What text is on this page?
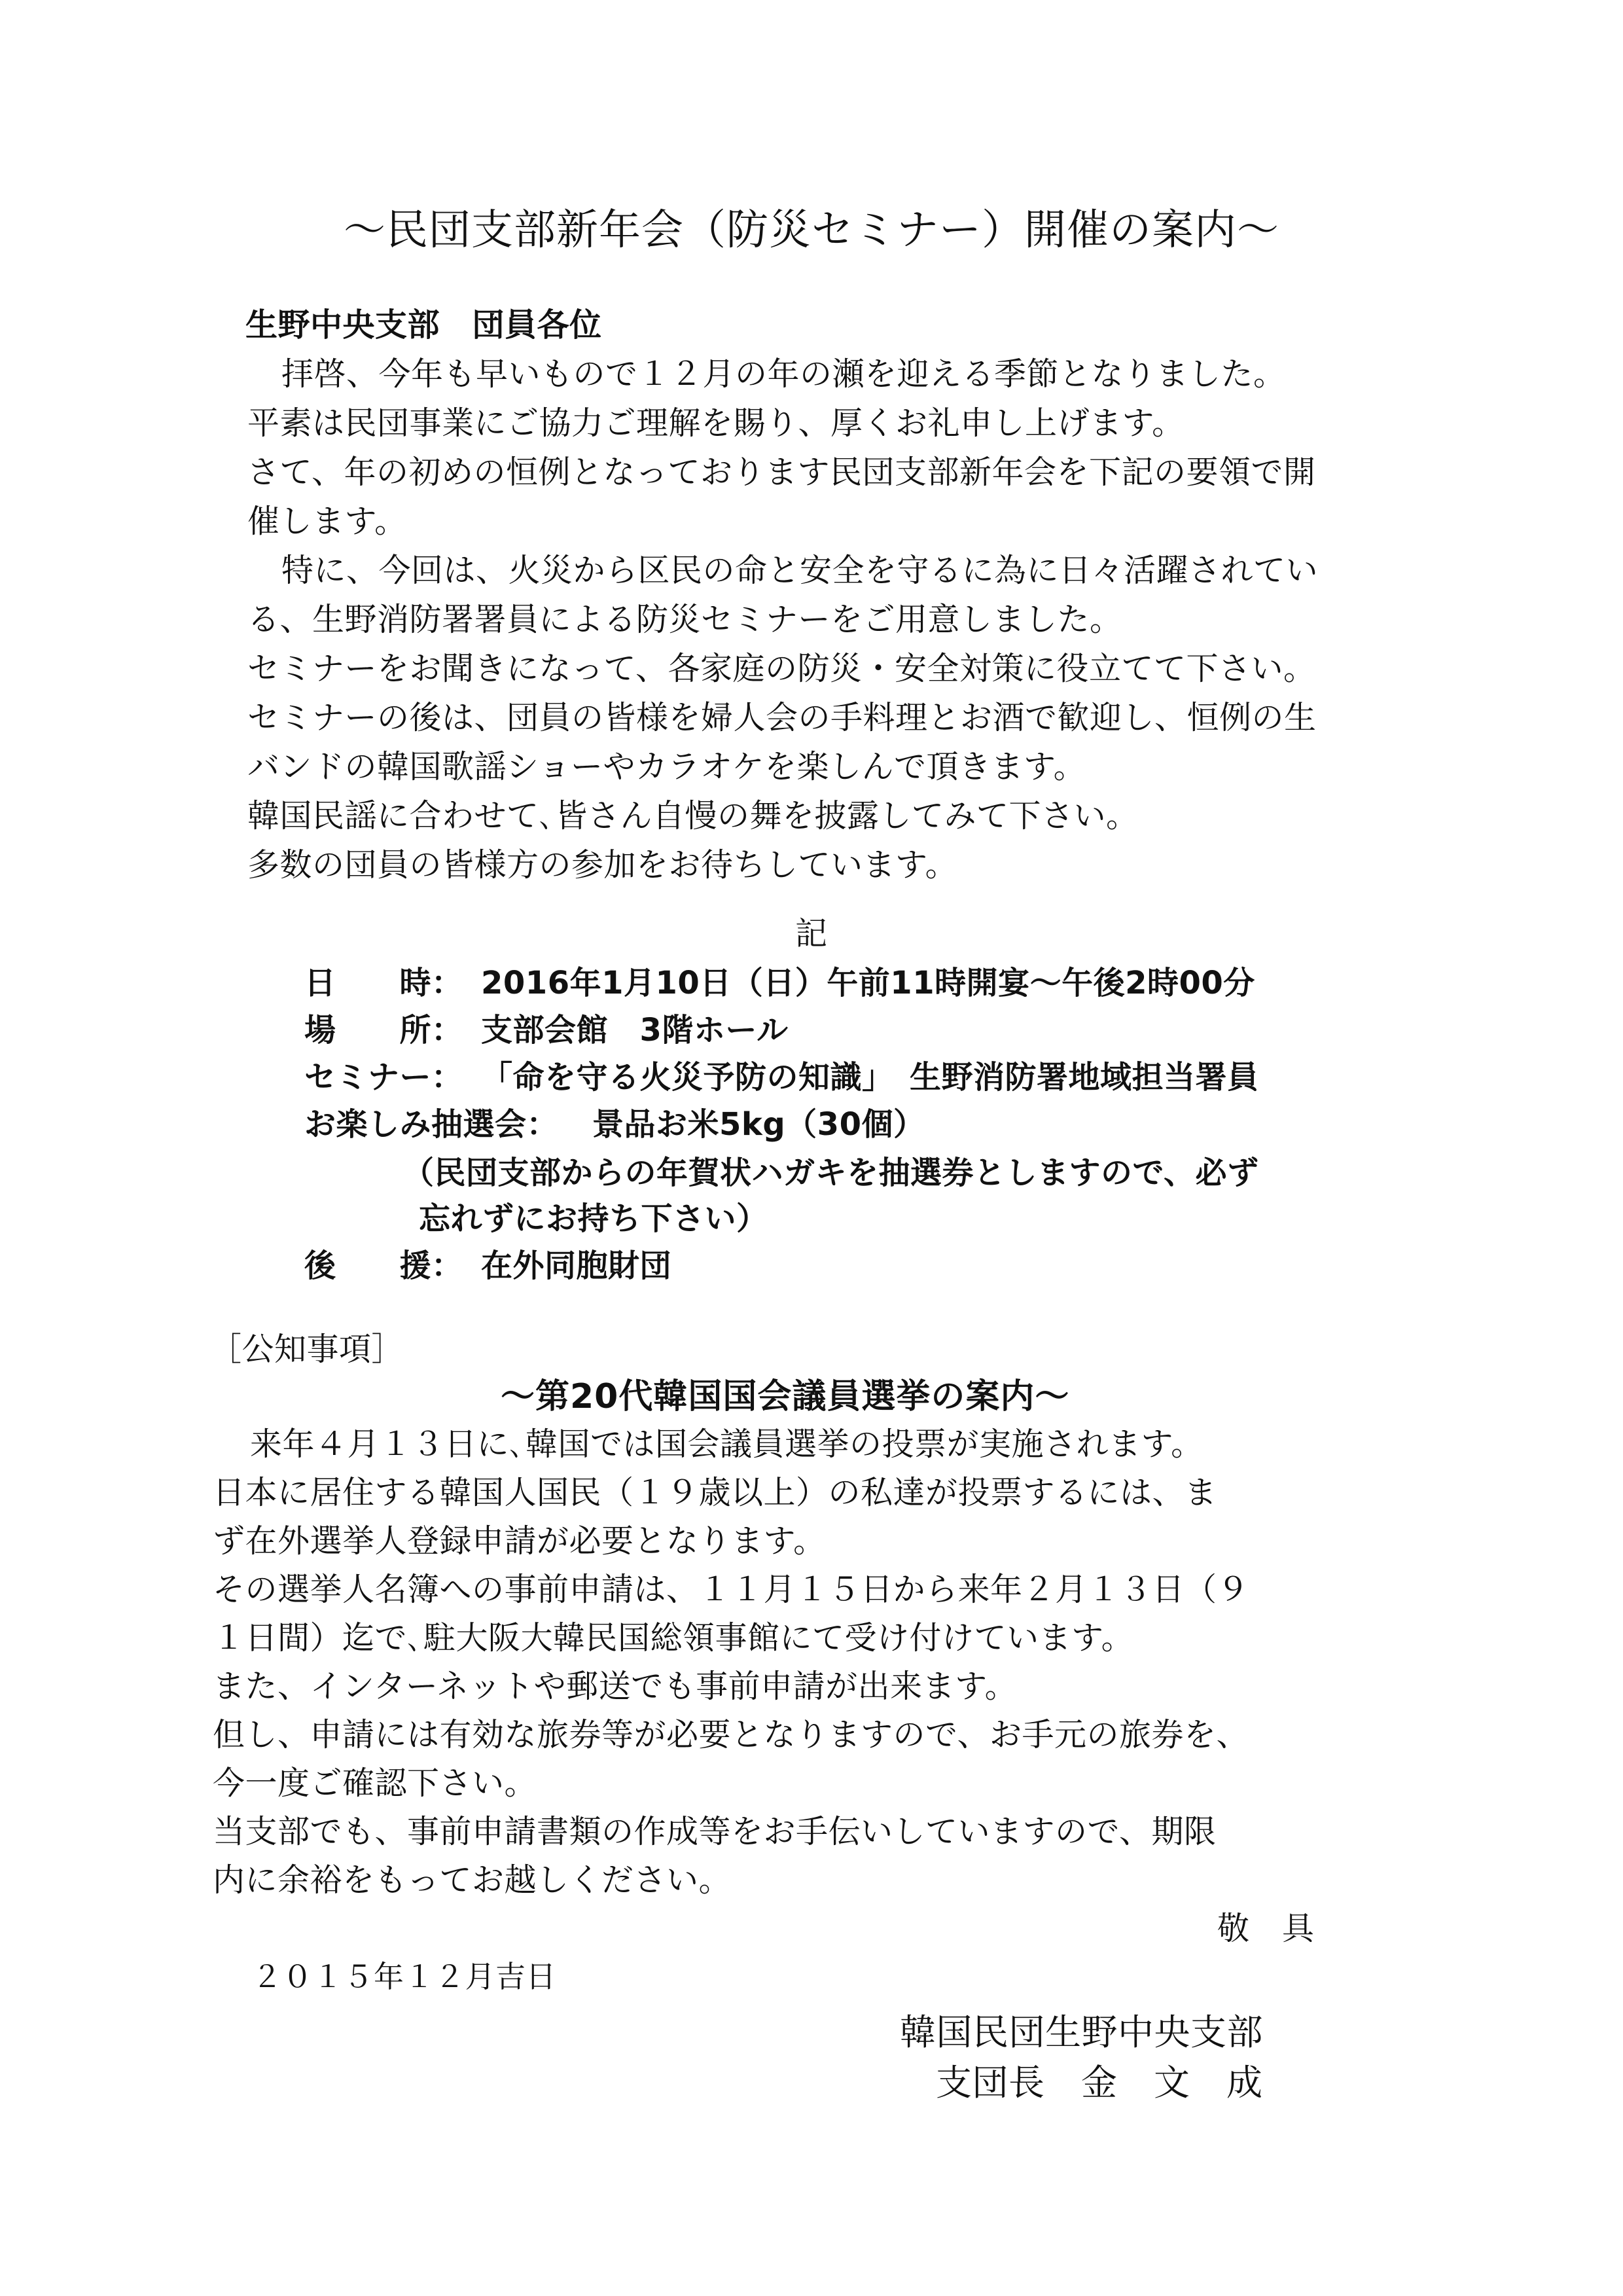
〜民団支部新年会（防災セミナー）開催の案内〜
生野中央支部　団員各位
拝啓、今年も早いもので１２月の年の瀬を迎える季節となりました。
平素は民団事業にご協力ご理解を賜り、厚くお礼申し上げます。
さて、年の初めの恒例となっております民団支部新年会を下記の要領で開
催します。
特に、今回は、火災から区民の命と安全を守るに為に日々活躍されてい
る、生野消防署署員による防災セミナーをご用意しました。
セミナーをお聞きになって、各家庭の防災・安全対策に役立てて下さい。
セミナーの後は、団員の皆様を婦人会の手料理とお酒で歓迎し、恒例の生
バンドの韓国歌謡ショーやカラオケを楽しんで頂きます。
韓国民謡に合わせて､皆さん自慢の舞を披露してみて下さい。
多数の団員の皆様方の参加をお待ちしています。
記
日　　時： 2016年1月10日（日）午前11時開宴〜午後2時00分
場　　所： 支部会館　3階ホール
セミナー： 「命を守る火災予防の知識」　生野消防署地域担当署員
お楽しみ抽選会： 景品お米5kg（30個）
（民団支部からの年賀状ハガキを抽選券としますので、必ず
忘れずにお持ち下さい）
後　　援： 在外同胞財団
［公知事項］
〜第20代韓国国会議員選挙の案内〜
来年４月１３日に､韓国では国会議員選挙の投票が実施されます。
日本に居住する韓国人国民（１９歳以上）の私達が投票するには、ま
ず在外選挙人登録申請が必要となります。
その選挙人名簿への事前申請は、１１月１５日から来年２月１３日（９
１日間）迄で､駐大阪大韓民国総領事館にて受け付けています。
また、インターネットや郵送でも事前申請が出来ます。
但し、申請には有効な旅券等が必要となりますので、お手元の旅券を、
今一度ご確認下さい。
当支部でも、事前申請書類の作成等をお手伝いしていますので、期限
内に余裕をもってお越しください。
敬　具
２０１５年１２月吉日
韓国民団生野中央支部
支団長　金　文　成
